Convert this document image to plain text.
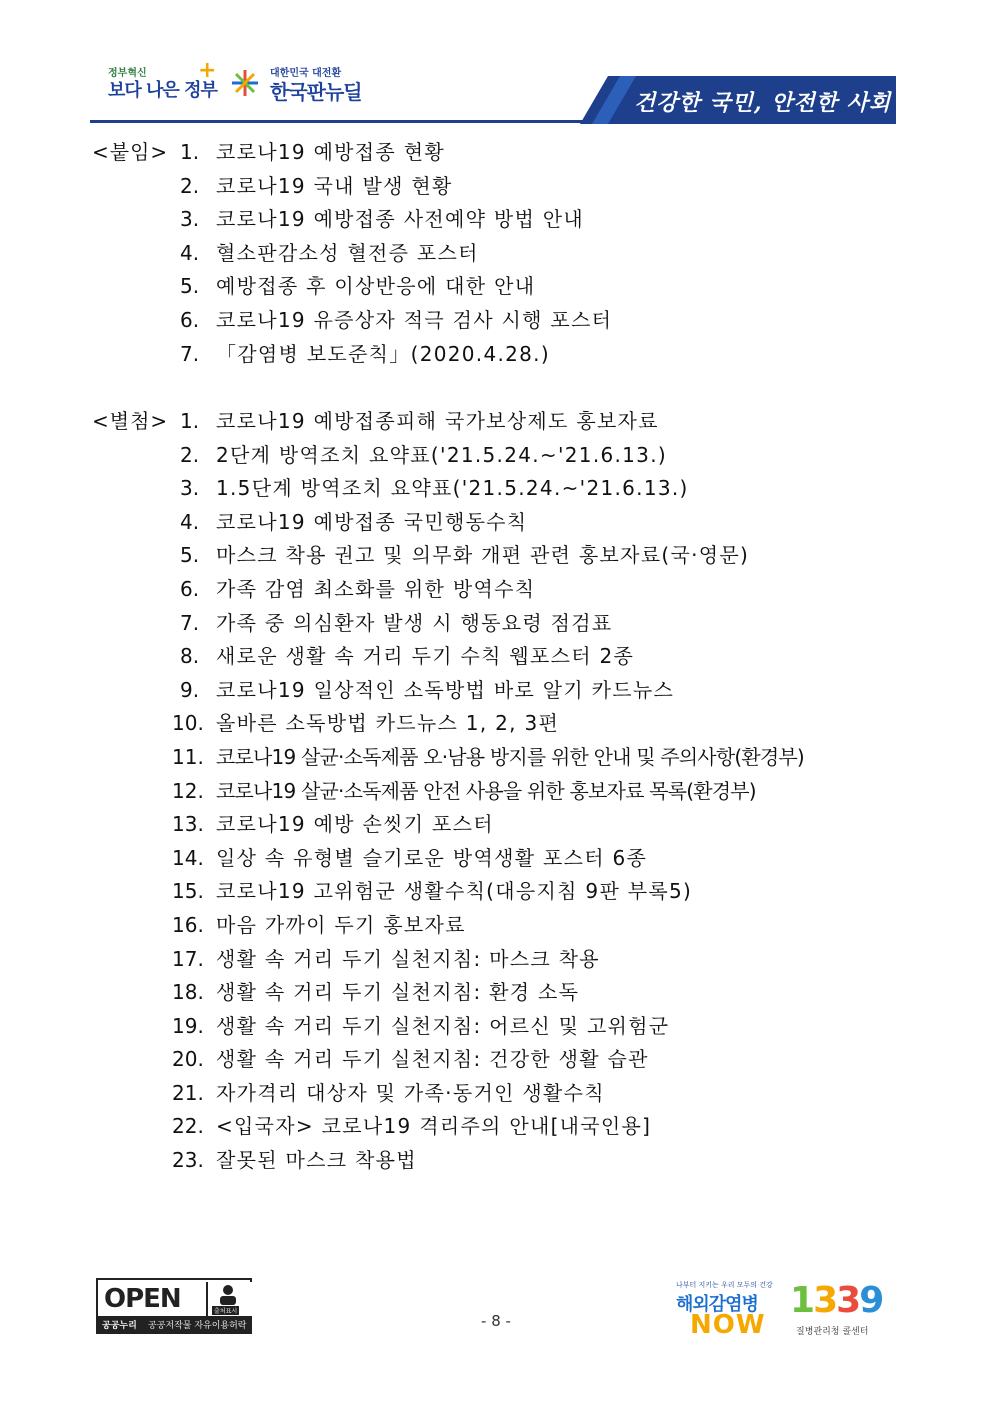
정부혁신
보다 나은 정부
+	대한민국 대전환
한국판뉴딜	건강한 국민, 안전한 사회
<붙임> 1. 코로나19 예방접종 현황
2. 코로나19 국내 발생 현황
3. 코로나19 예방접종 사전예약 방법 안내
4. 혈소판감소성 혈전증 포스터
5. 예방접종 후 이상반응에 대한 안내
6. 코로나19 유증상자 적극 검사 시행 포스터
7. 「감염병 보도준칙」(2020.4.28.)
<별첨> 1. 코로나19 예방접종피해 국가보상제도 홍보자료
2. 2단계 방역조치 요약표('21.5.24.~'21.6.13.)
3. 1.5단계 방역조치 요약표('21.5.24.~'21.6.13.)
4. 코로나19 예방접종 국민행동수칙
5. 마스크 착용 권고 및 의무화 개편 관련 홍보자료(국·영문)
6. 가족 감염 최소화를 위한 방역수칙
7. 가족 중 의심환자 발생 시 행동요령 점검표
8. 새로운 생활 속 거리 두기 수칙 웹포스터 2종
9. 코로나19 일상적인 소독방법 바로 알기 카드뉴스
10. 올바른 소독방법 카드뉴스 1, 2, 3편
11. 코로나19 살균·소독제품 오·남용 방지를 위한 안내 및 주의사항(환경부)
12. 코로나19 살균·소독제품 안전 사용을 위한 홍보자료 목록(환경부)
13. 코로나19 예방 손씻기 포스터
14. 일상 속 유형별 슬기로운 방역생활 포스터 6종
15. 코로나19 고위험군 생활수칙(대응지침 9판 부록5)
16. 마음 가까이 두기 홍보자료
17. 생활 속 거리 두기 실천지침: 마스크 착용
18. 생활 속 거리 두기 실천지침: 환경 소독
19. 생활 속 거리 두기 실천지침: 어르신 및 고위험군
20. 생활 속 거리 두기 실천지침: 건강한 생활 습관
21. 자가격리 대상자 및 가족·동거인 생활수칙
22. <입국자> 코로나19 격리주의 안내[내국인용]
23. 잘못된 마스크 착용법
OPEN	출처표시
공공누리 공공저작물 자유이용허락	- 8 -
나부터 지키는 우리 모두의 건강
해외감염병
NOW
1339
질병관리청 콜센터
